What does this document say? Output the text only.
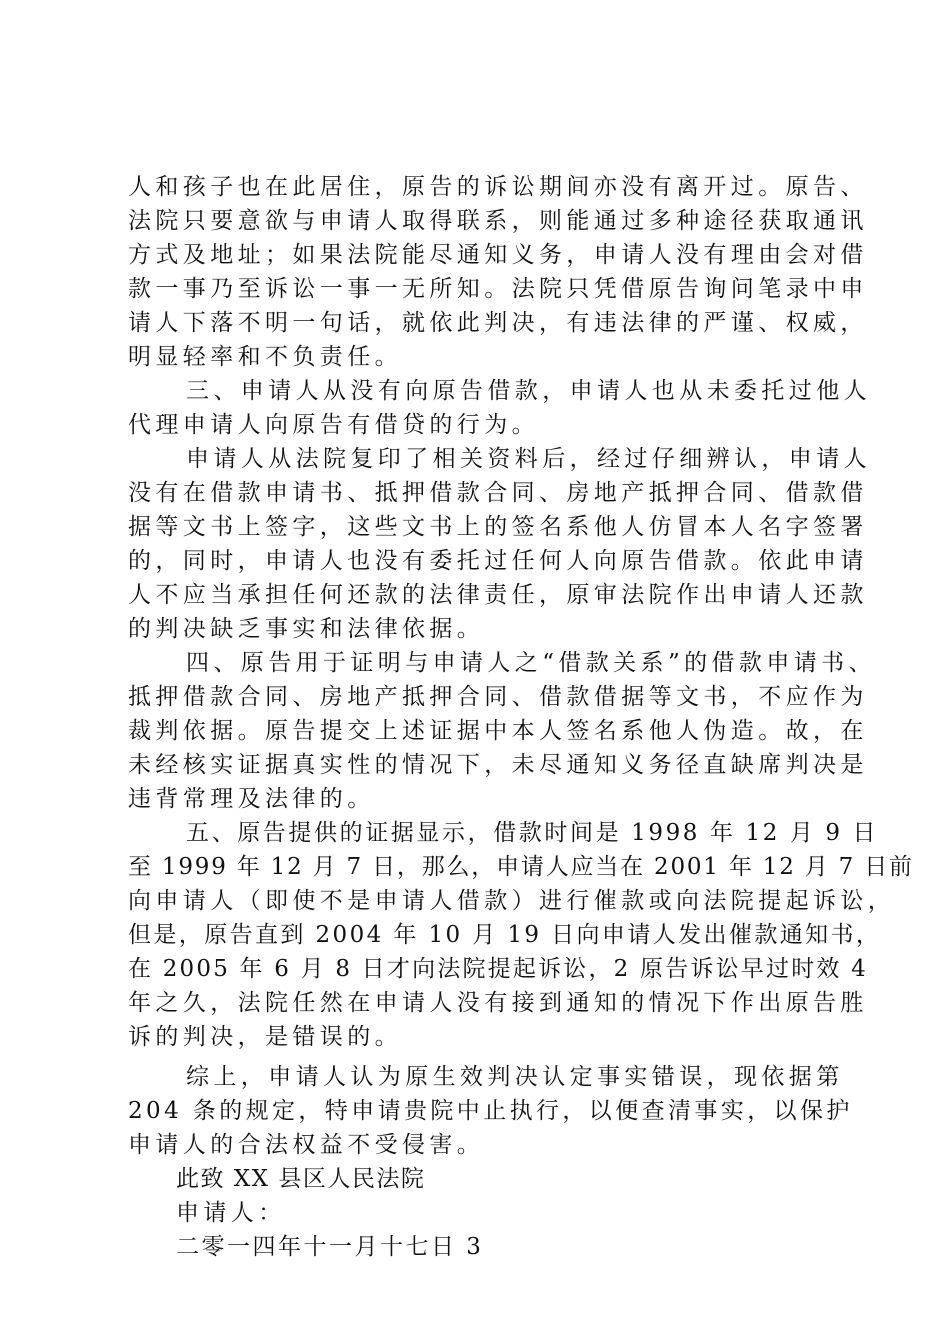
人和孩子也在此居住，原告的诉讼期间亦没有离开过。原告、
法院只要意欲与申请人取得联系，则能通过多种途径获取通讯
方式及地址；如果法院能尽通知义务，申请人没有理由会对借
款一事乃至诉讼一事一无所知。法院只凭借原告询问笔录中申
请人下落不明一句话，就依此判决，有违法律的严谨、权威，
明显轻率和不负责任。
三、申请人从没有向原告借款，申请人也从未委托过他人
代理申请人向原告有借贷的行为。
申请人从法院复印了相关资料后，经过仔细辨认，申请人
没有在借款申请书、抵押借款合同、房地产抵押合同、借款借
据等文书上签字，这些文书上的签名系他人仿冒本人名字签署
的，同时，申请人也没有委托过任何人向原告借款。依此申请
人不应当承担任何还款的法律责任，原审法院作出申请人还款
的判决缺乏事实和法律依据。
四、原告用于证明与申请人之“借款关系”的借款申请书、
抵押借款合同、房地产抵押合同、借款借据等文书，不应作为
裁判依据。原告提交上述证据中本人签名系他人伪造。故，在
未经核实证据真实性的情况下，未尽通知义务径直缺席判决是
违背常理及法律的。
五、原告提供的证据显示，借款时间是 1998 年 12 月 9 日
至 1999 年 12 月 7 日，那么，申请人应当在 2001 年 12 月 7 日前
向申请人（即使不是申请人借款）进行催款或向法院提起诉讼，
但是，原告直到 2004 年 10 月 19 日向申请人发出催款通知书，
在 2005 年 6 月 8 日才向法院提起诉讼，2 原告诉讼早过时效 4
年之久，法院任然在申请人没有接到通知的情况下作出原告胜
诉的判决，是错误的。
综上，申请人认为原生效判决认定事实错误，现依据第
204 条的规定，特申请贵院中止执行，以便查清事实，以保护
申请人的合法权益不受侵害。
此致 XX 县区人民法院
申请人：
二零一四年十一月十七日 3
